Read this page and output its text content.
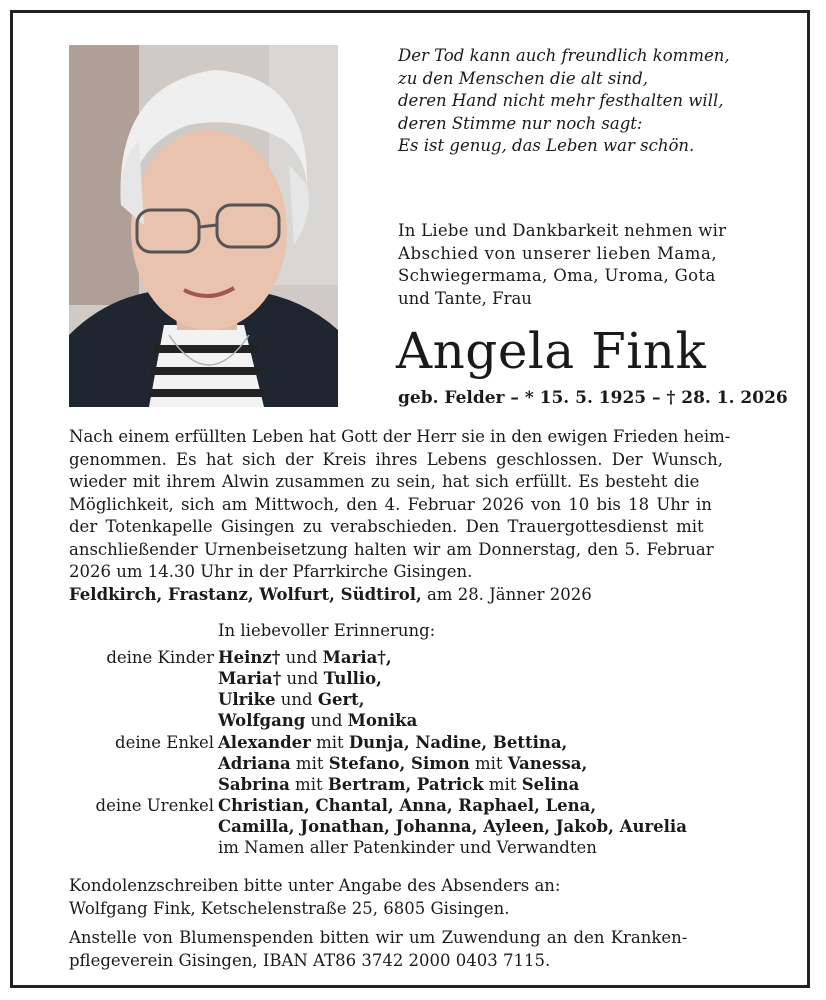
Der Tod kann auch freundlich kommen,
zu den Menschen die alt sind,
deren Hand nicht mehr festhalten will,
deren Stimme nur noch sagt:
Es ist genug, das Leben war schön.
In Liebe und Dankbarkeit nehmen wir
Abschied von unserer lieben Mama,
Schwiegermama, Oma, Uroma, Gota
und Tante, Frau
Angela Fink
geb. Felder – * 15. 5. 1925 – † 28. 1. 2026
Nach einem erfüllten Leben hat Gott der Herr sie in den ewigen Frieden heim-
genommen. Es hat sich der Kreis ihres Lebens geschlossen. Der Wunsch,
wieder mit ihrem Alwin zusammen zu sein, hat sich erfüllt. Es besteht die
Möglichkeit, sich am Mittwoch, den 4. Februar 2026 von 10 bis 18 Uhr in
der Totenkapelle Gisingen zu verabschieden. Den Trauergottesdienst mit
anschließender Urnenbeisetzung halten wir am Donnerstag, den 5. Februar
2026 um 14.30 Uhr in der Pfarrkirche Gisingen.
Feldkirch, Frastanz, Wolfurt, Südtirol, am 28. Jänner 2026
In liebevoller Erinnerung:
deine Kinder Heinz† und Maria†,
Maria† und Tullio,
Ulrike und Gert,
Wolfgang und Monika
deine Enkel Alexander mit Dunja, Nadine, Bettina,
Adriana mit Stefano, Simon mit Vanessa,
Sabrina mit Bertram, Patrick mit Selina
deine Urenkel Christian, Chantal, Anna, Raphael, Lena,
Camilla, Jonathan, Johanna, Ayleen, Jakob, Aurelia
im Namen aller Patenkinder und Verwandten
Kondolenzschreiben bitte unter Angabe des Absenders an:
Wolfgang Fink, Ketschelenstraße 25, 6805 Gisingen.
Anstelle von Blumenspenden bitten wir um Zuwendung an den Kranken-
pflegeverein Gisingen, IBAN AT86 3742 2000 0403 7115.
